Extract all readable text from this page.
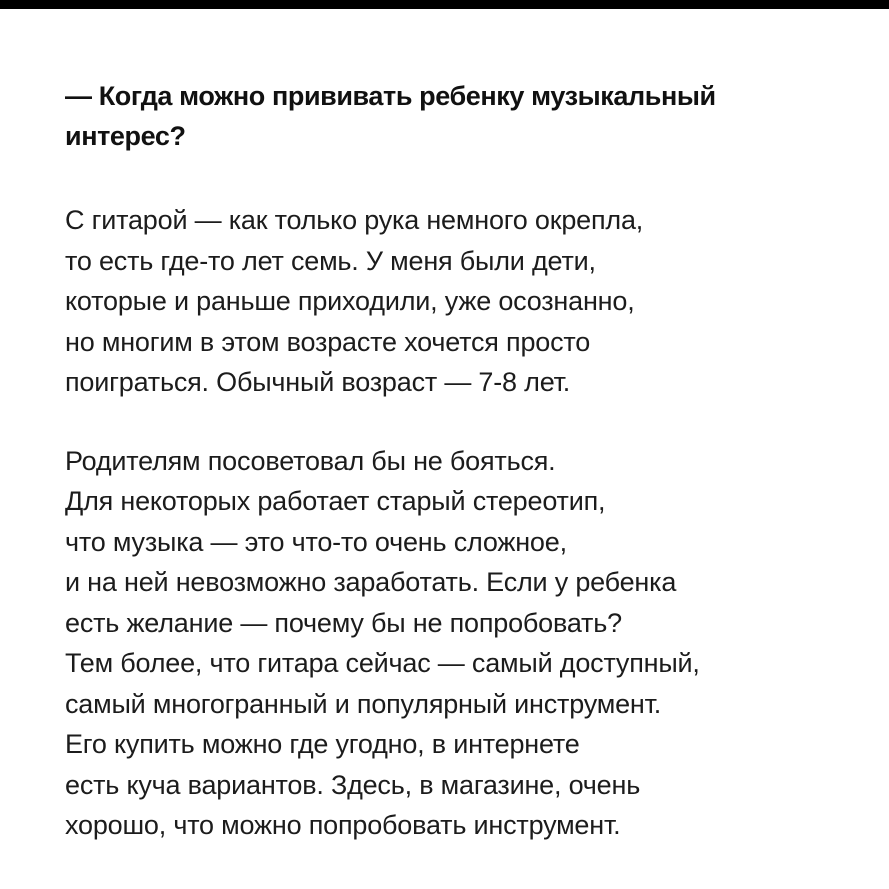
— Когда можно прививать ребенку музыкальный
интерес?

С гитарой — как только рука немного окрепла,
то есть где-то лет семь. У меня были дети,
которые и раньше приходили, уже осознанно,
но многим в этом возрасте хочется просто
поиграться. Обычный возраст — 7-8 лет.

Родителям посоветовал бы не бояться.
Для некоторых работает старый стереотип,
что музыка — это что-то очень сложное,
и на ней невозможно заработать. Если у ребенка
есть желание — почему бы не попробовать?
Тем более, что гитара сейчас — самый доступный,
самый многогранный и популярный инструмент.
Его купить можно где угодно, в интернете
есть куча вариантов. Здесь, в магазине, очень
хорошо, что можно попробовать инструмент.
